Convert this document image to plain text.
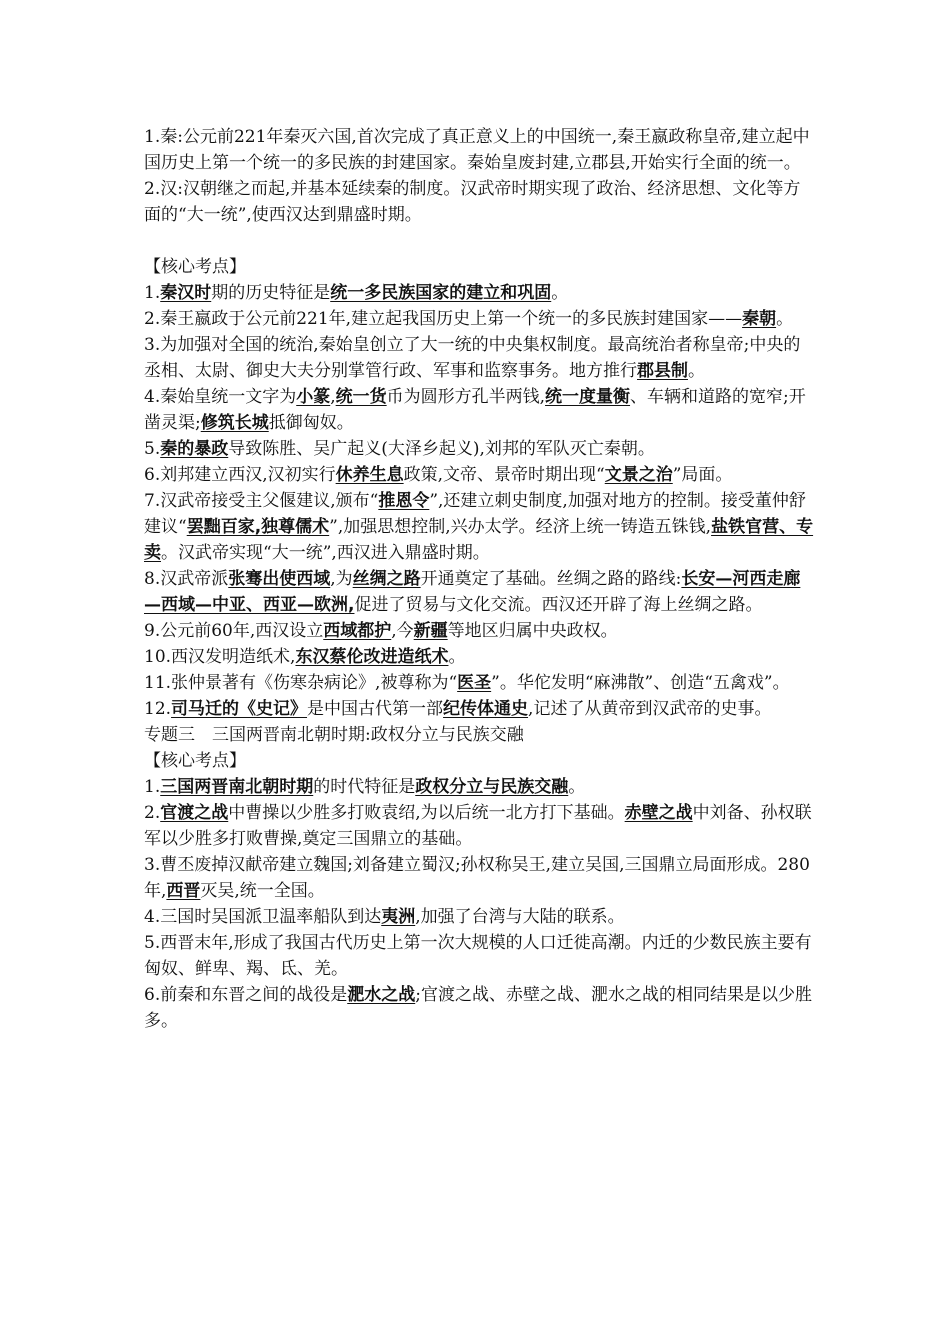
1.秦:公元前221年秦灭六国,首次完成了真正意义上的中国统一,秦王嬴政称皇帝,建立起中国历史上第一个统一的多民族的封建国家。秦始皇废封建,立郡县,开始实行全面的统一。

2.汉:汉朝继之而起,并基本延续秦的制度。汉武帝时期实现了政治、经济思想、文化等方面的“大一统”,使西汉达到鼎盛时期。

【核心考点】

1.秦汉时期的历史特征是统一多民族国家的建立和巩固。

2.秦王嬴政于公元前221年,建立起我国历史上第一个统一的多民族封建国家——秦朝。

3.为加强对全国的统治,秦始皇创立了大一统的中央集权制度。最高统治者称皇帝;中央的丞相、太尉、御史大夫分别掌管行政、军事和监察事务。地方推行郡县制。

4.秦始皇统一文字为小篆,统一货币为圆形方孔半两钱,统一度量衡、车辆和道路的宽窄;开凿灵渠;修筑长城抵御匈奴。

5.秦的暴政导致陈胜、吴广起义(大泽乡起义),刘邦的军队灭亡秦朝。

6.刘邦建立西汉,汉初实行休养生息政策,文帝、景帝时期出现“文景之治”局面。

7.汉武帝接受主父偃建议,颁布“推恩令”,还建立刺史制度,加强对地方的控制。接受董仲舒建议“罢黜百家,独尊儒术”,加强思想控制,兴办太学。经济上统一铸造五铢钱,盐铁官营、专卖。汉武帝实现“大一统”,西汉进入鼎盛时期。

8.汉武帝派张骞出使西域,为丝绸之路开通奠定了基础。丝绸之路的路线:长安—河西走廊—西域—中亚、西亚—欧洲,促进了贸易与文化交流。西汉还开辟了海上丝绸之路。

9.公元前60年,西汉设立西域都护,今新疆等地区归属中央政权。

10.西汉发明造纸术,东汉蔡伦改进造纸术。

11.张仲景著有《伤寒杂病论》,被尊称为“医圣”。华佗发明“麻沸散”、创造“五禽戏”。

12.司马迁的《史记》是中国古代第一部纪传体通史,记述了从黄帝到汉武帝的史事。

专题三　三国两晋南北朝时期:政权分立与民族交融

【核心考点】

1.三国两晋南北朝时期的时代特征是政权分立与民族交融。

2.官渡之战中曹操以少胜多打败袁绍,为以后统一北方打下基础。赤壁之战中刘备、孙权联军以少胜多打败曹操,奠定三国鼎立的基础。

3.曹丕废掉汉献帝建立魏国;刘备建立蜀汉;孙权称吴王,建立吴国,三国鼎立局面形成。280年,西晋灭吴,统一全国。

4.三国时吴国派卫温率船队到达夷洲,加强了台湾与大陆的联系。

5.西晋末年,形成了我国古代历史上第一次大规模的人口迁徙高潮。内迁的少数民族主要有匈奴、鲜卑、羯、氐、羌。

6.前秦和东晋之间的战役是淝水之战;官渡之战、赤壁之战、淝水之战的相同结果是以少胜多。
